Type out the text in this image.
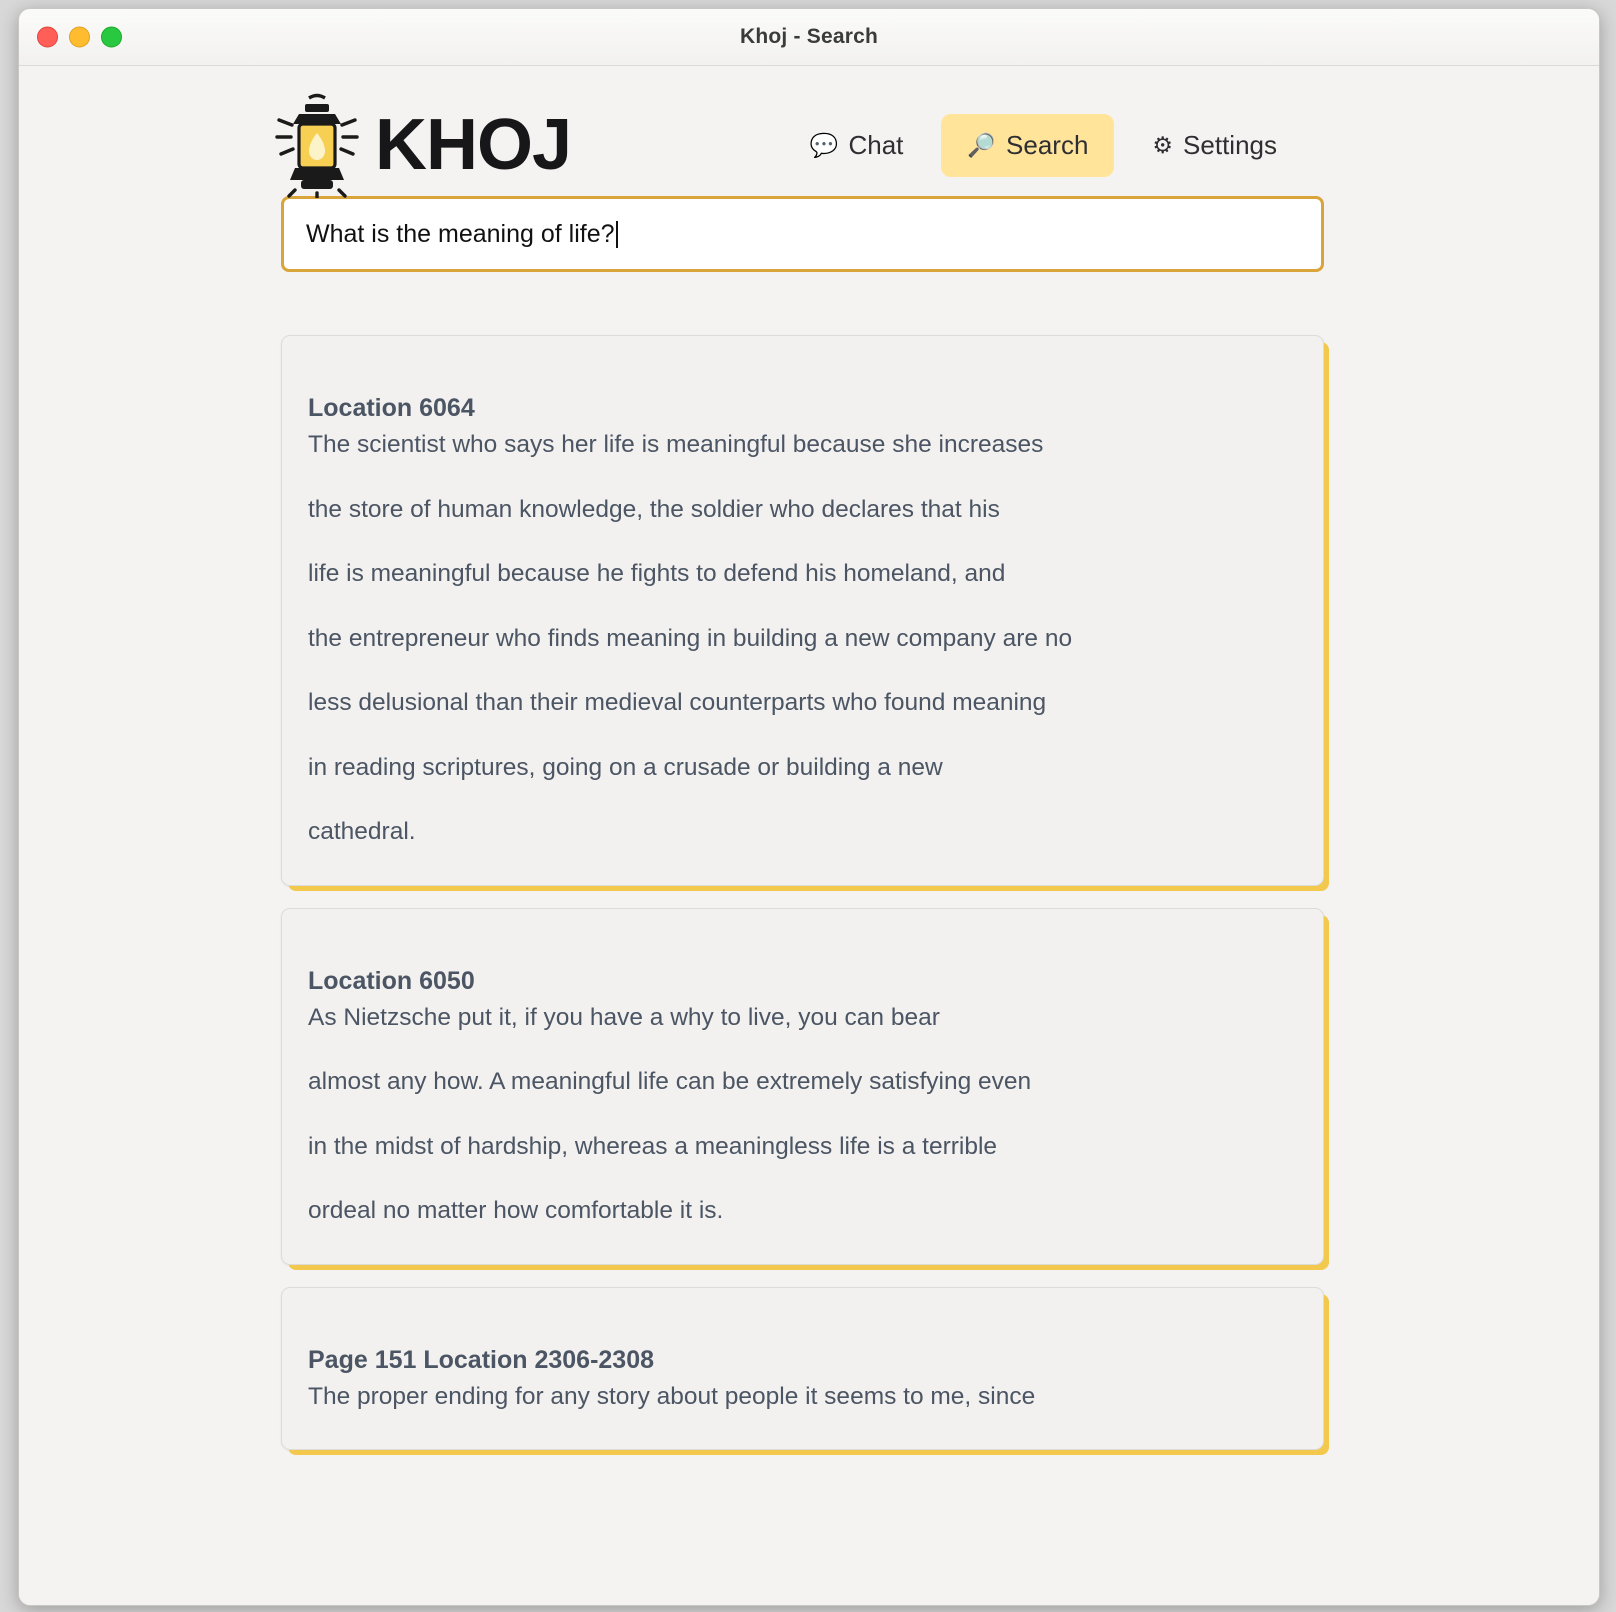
Khoj - Search
KHOJ	💬 Chat	🔎 Search	⚙ Settings
What is the meaning of life?
Location 6064

The scientist who says her life is meaningful because she increases

the store of human knowledge, the soldier who declares that his

life is meaningful because he fights to defend his homeland, and

the entrepreneur who finds meaning in building a new company are no

less delusional than their medieval counterparts who found meaning

in reading scriptures, going on a crusade or building a new

cathedral.

Location 6050

As Nietzsche put it, if you have a why to live, you can bear

almost any how. A meaningful life can be extremely satisfying even

in the midst of hardship, whereas a meaningless life is a terrible

ordeal no matter how comfortable it is.

Page 151 Location 2306-2308

The proper ending for any story about people it seems to me, since
